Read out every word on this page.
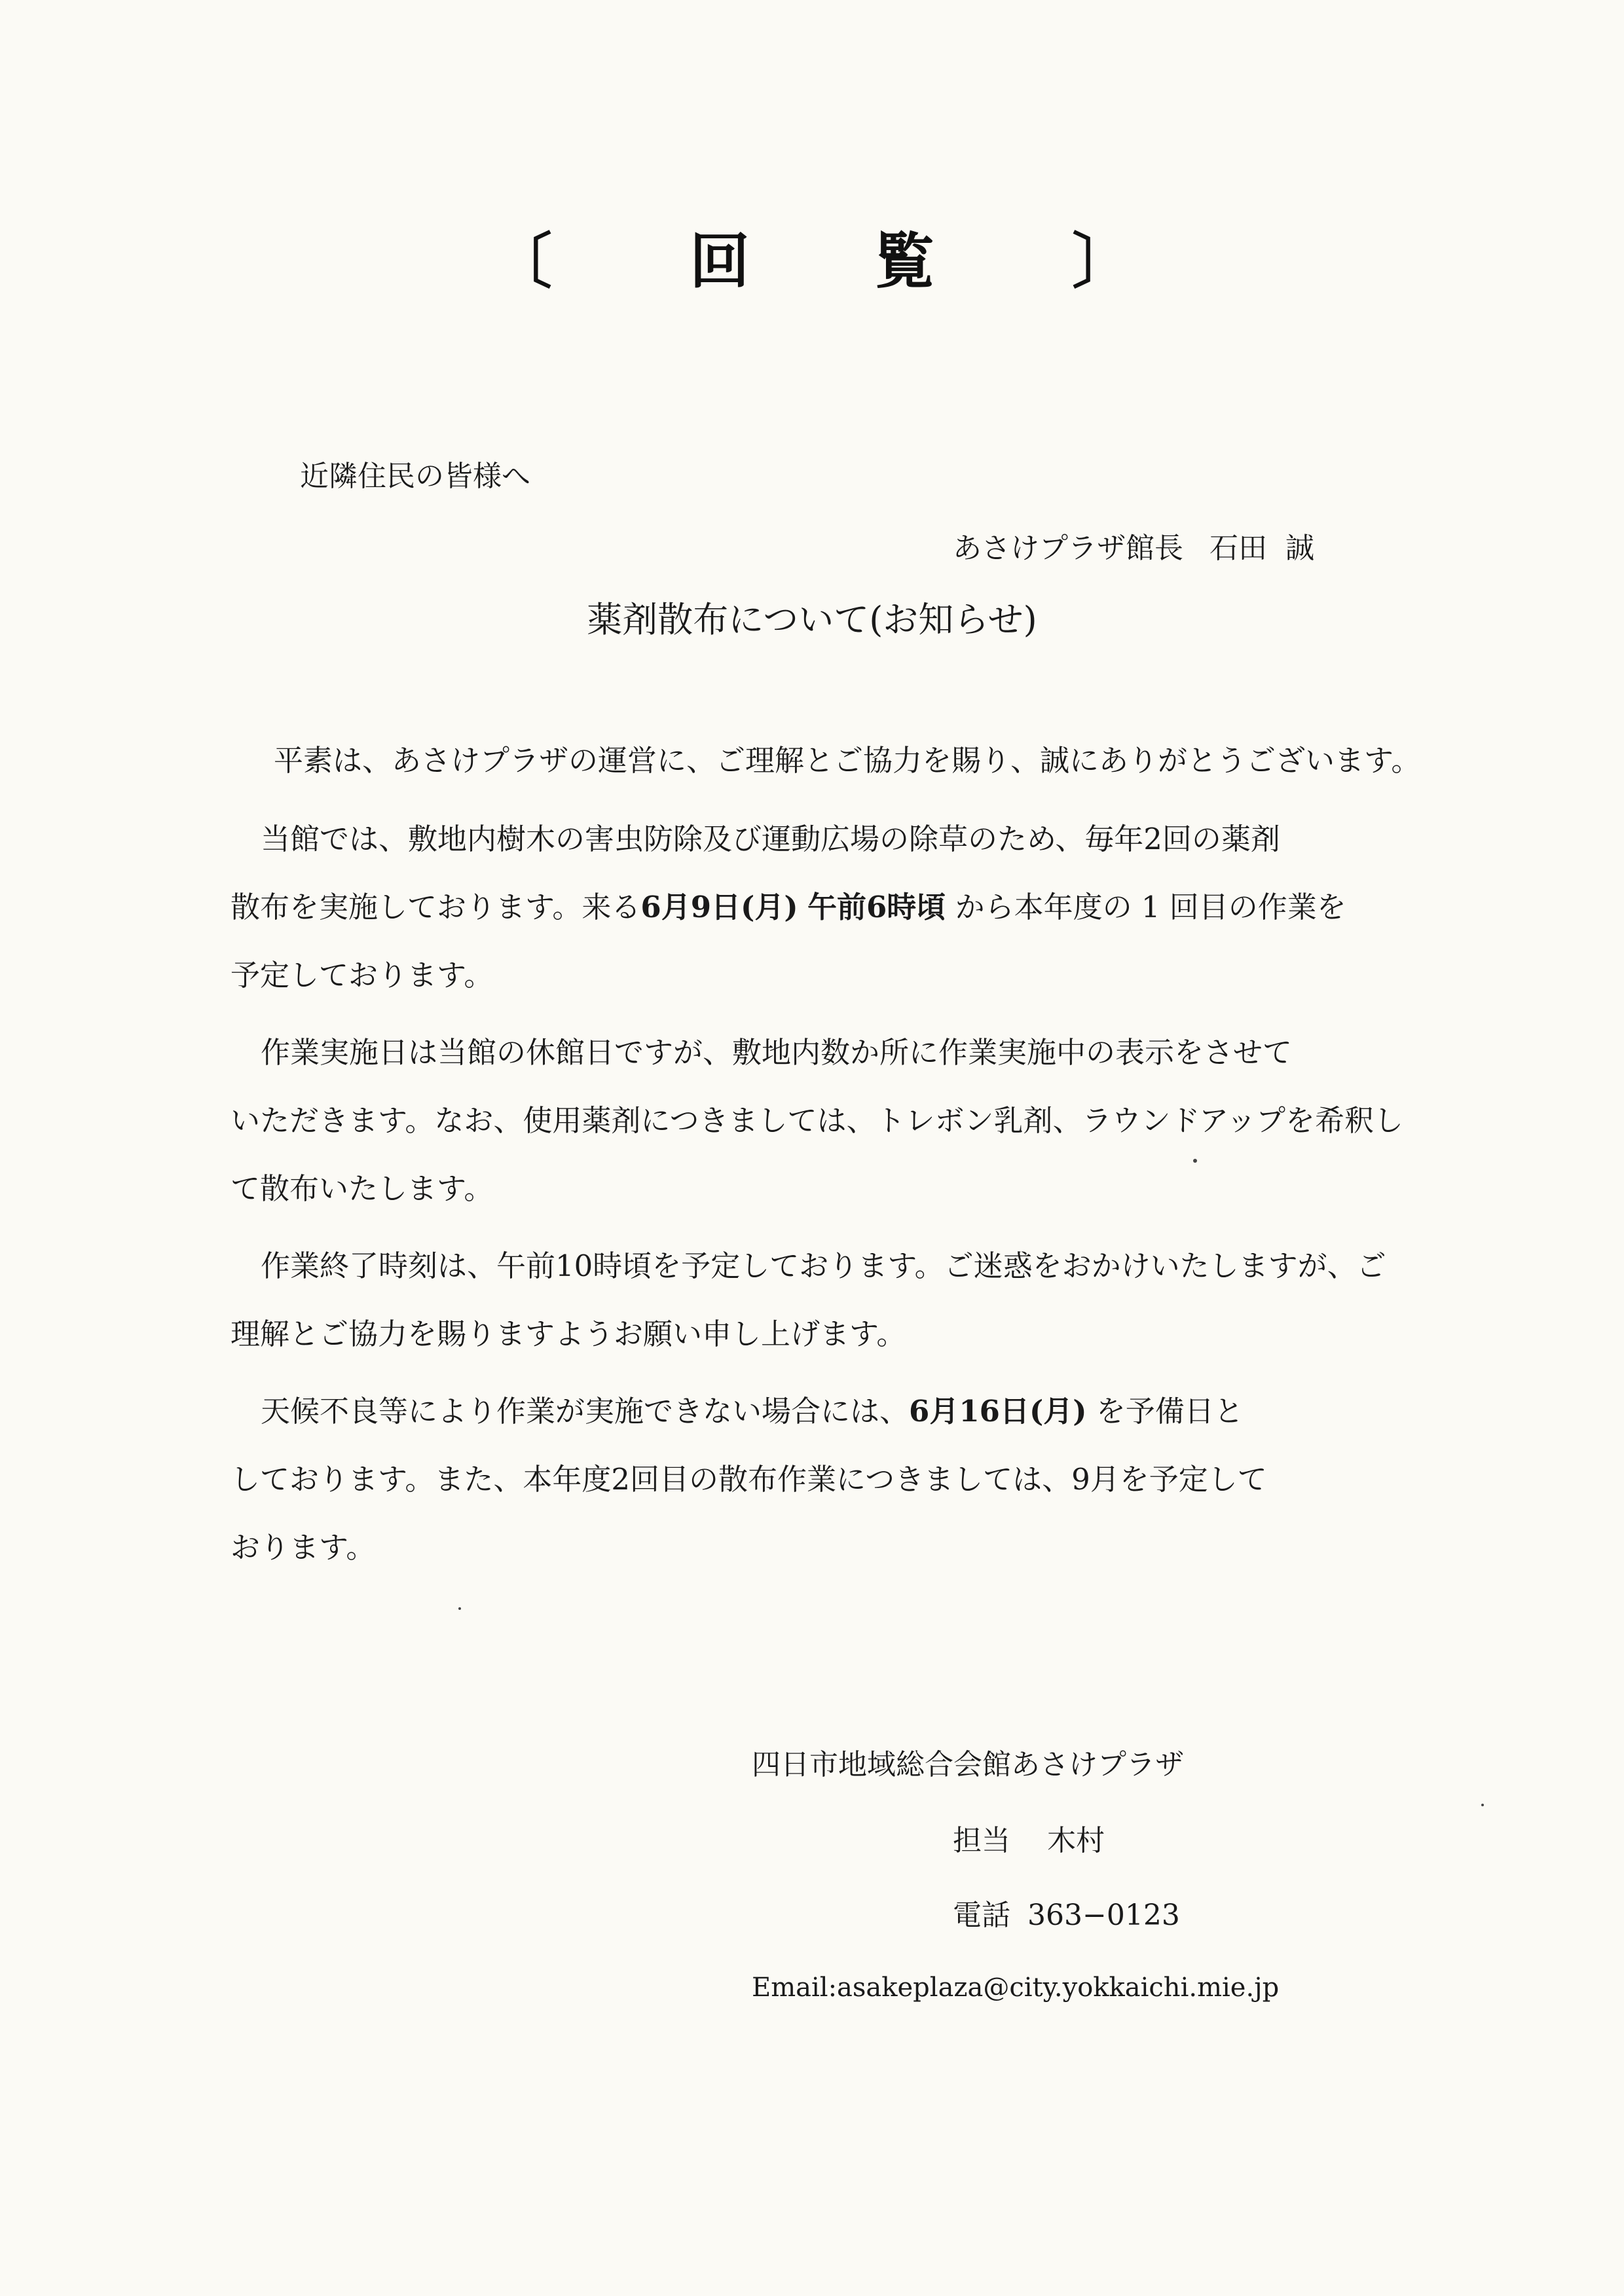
〔 回 覧 〕
近隣住民の皆様へ
あさけプラザ館長 石田 誠
薬剤散布について(お知らせ)
平素は、あさけプラザの運営に、ご理解とご協力を賜り、誠にありがとうございます。
当館では、敷地内樹木の害虫防除及び運動広場の除草のため、毎年2回の薬剤
散布を実施しております。来る6月9日(月) 午前6時頃 から本年度の 1 回目の作業を
予定しております。
作業実施日は当館の休館日ですが、敷地内数か所に作業実施中の表示をさせて
いただきます。なお、使用薬剤につきましては、トレボン乳剤、ラウンドアップを希釈し
て散布いたします。
作業終了時刻は、午前10時頃を予定しております。ご迷惑をおかけいたしますが、ご
理解とご協力を賜りますようお願い申し上げます。
天候不良等により作業が実施できない場合には、6月16日(月) を予備日と
しております。また、本年度2回目の散布作業につきましては、9月を予定して
おります。
四日市地域総合会館あさけプラザ
担当 木村
電話 363−0123
Email:asakeplaza@city.yokkaichi.mie.jp
